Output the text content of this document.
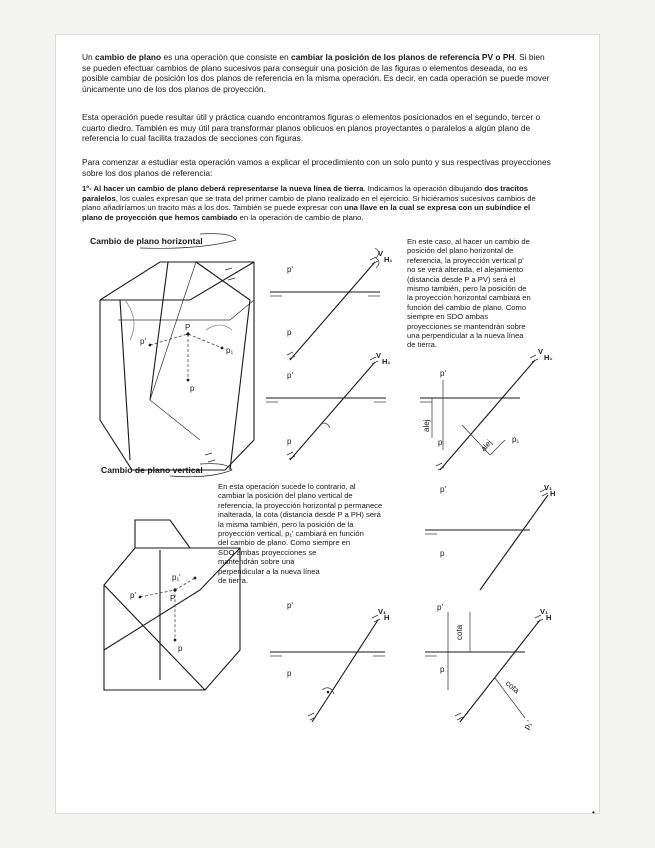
Un cambio de plano es una operación que consiste en cambiar la posición de los planos de referencia PV o PH. Si bien se pueden efectuar cambios de plano sucesivos para conseguir una posición de las figuras o elementos deseada, no es posible cambiar de posición los dos planos de referencia en la misma operación. Es decir, en cada operación se puede mover únicamente uno de los dos planos de proyección.

Esta operación puede resultar útil y práctica cuando encontramos figuras o elementos posicionados en el segundo, tercer o cuarto diedro. También es muy útil para transformar planos oblicuos en planos proyectantes o paralelos a algún plano de referencia lo cual facilita trazados de secciones con figuras.

Para comenzar a estudiar esta operación vamos a explicar el procedimiento con un solo punto y sus respectivas proyecciones sobre los dos planos de referencia:

1º- Al hacer un cambio de plano deberá representarse la nueva línea de tierra. Indicamos la operación dibujando dos tracitos paralelos, los cuales expresan que se trata del primer cambio de plano realizado en el ejercicio. Si hiciéramos sucesivos cambios de plano añadiríamos un tracito más a los dos. También se puede expresar con una llave en la cual se expresa con un subíndice el plano de proyección que hemos cambiado en la operación de cambio de plano.

Cambio de plano horizontal	En este caso, al hacer un cambio de
posición del plano horizontal de
referencia, la proyección vertical p'
no se verá alterada, el alejamiento
(distancia desde P a PV) será el
mismo también, pero la posición de
la proyección horizontal cambiará en
función del cambio de plano. Como
siempre en SDO ambas
proyecciones se mantendrán sobre
una perpendicular a la nueva línea
de tierra.
Cambio de plano vertical
En esta operación sucede lo contrario, al
cambiar la posición del plano vertical de
referencia, la proyección horizontal p permanece
inalterada, la cota (distancia desde P a PH) será
la misma también, pero la posición de la
proyección vertical, p₁' cambiará en función
del cambio de plano. Como siempre en
SDO ambas proyecciones se
mantendrán sobre una
perpendicular a la nueva línea
de tierra.
P
p'
p₁
p
p'
p
V
H₁
p'
p
V
H₁
p'
p	p₁
alej
alej
V
H₁
p'	P
p₁'
p
p'
p
V₁
H
p'
p
V₁
H
p'
p
cota
cota
p₁'
V₁
H
•
